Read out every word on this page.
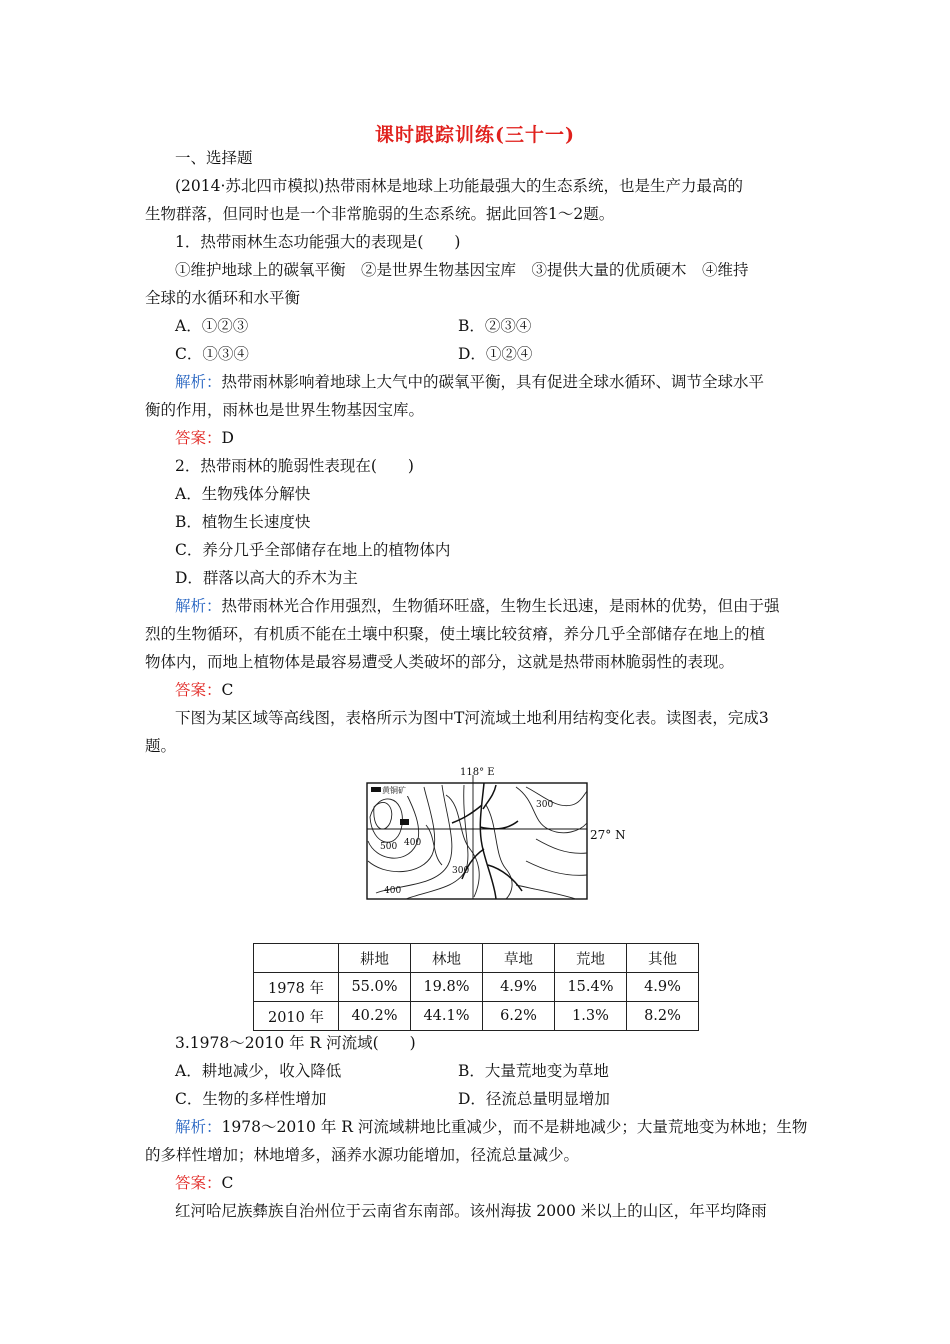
课时跟踪训练(三十一)
一、选择题
(2014·苏北四市模拟)热带雨林是地球上功能最强大的生态系统，也是生产力最高的
生物群落，但同时也是一个非常脆弱的生态系统。据此回答1～2题。
1．热带雨林生态功能强大的表现是(　　)
①维护地球上的碳氧平衡　②是世界生物基因宝库　③提供大量的优质硬木　④维持
全球的水循环和水平衡
A．①②③	B．②③④
C．①③④	D．①②④
解析：热带雨林影响着地球上大气中的碳氧平衡，具有促进全球水循环、调节全球水平
衡的作用，雨林也是世界生物基因宝库。
答案：D
2．热带雨林的脆弱性表现在(　　)
A．生物残体分解快
B．植物生长速度快
C．养分几乎全部储存在地上的植物体内
D．群落以高大的乔木为主
解析：热带雨林光合作用强烈，生物循环旺盛，生物生长迅速，是雨林的优势，但由于强
烈的生物循环，有机质不能在土壤中积聚，使土壤比较贫瘠，养分几乎全部储存在地上的植
物体内，而地上植物体是最容易遭受人类破坏的部分，这就是热带雨林脆弱性的表现。
答案：C
下图为某区域等高线图，表格所示为图中T河流域土地利用结构变化表。读图表，完成3
题。
黄铜矿
118° E
300
500 400
300
400
27° N
	耕地	林地	草地	荒地	其他
1978 年	55.0%	19.8%	4.9%	15.4%	4.9%
2010 年	40.2%	44.1%	6.2%	1.3%	8.2%
3.1978～2010 年 R 河流域(　　)
A．耕地减少，收入降低	B．大量荒地变为草地
C．生物的多样性增加	D．径流总量明显增加
解析：1978～2010 年 R 河流域耕地比重减少，而不是耕地减少；大量荒地变为林地；生物
的多样性增加；林地增多，涵养水源功能增加，径流总量减少。
答案：C
红河哈尼族彝族自治州位于云南省东南部。该州海拔 2000 米以上的山区，年平均降雨
